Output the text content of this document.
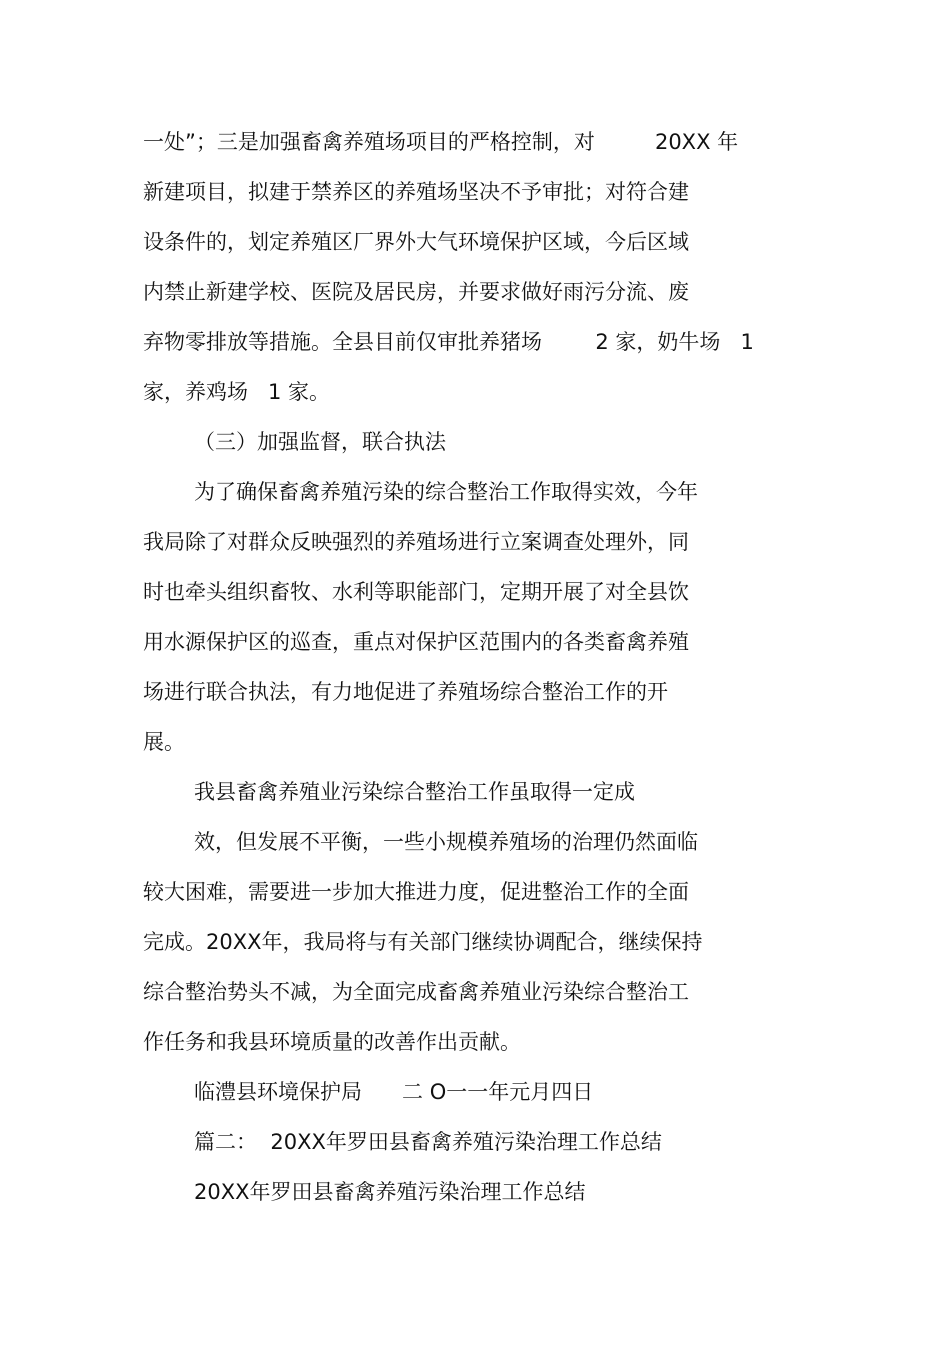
一处”；三是加强畜禽养殖场项目的严格控制，对         20XX 年
新建项目，拟建于禁养区的养殖场坚决不予审批；对符合建
设条件的，划定养殖区厂界外大气环境保护区域，今后区域
内禁止新建学校、医院及居民房，并要求做好雨污分流、废
弃物零排放等措施。全县目前仅审批养猪场        2 家，奶牛场   1
家，养鸡场   1 家。
（三）加强监督，联合执法
为了确保畜禽养殖污染的综合整治工作取得实效，今年
我局除了对群众反映强烈的养殖场进行立案调查处理外，同
时也牵头组织畜牧、水利等职能部门，定期开展了对全县饮
用水源保护区的巡查，重点对保护区范围内的各类畜禽养殖
场进行联合执法，有力地促进了养殖场综合整治工作的开
展。
我县畜禽养殖业污染综合整治工作虽取得一定成
效，但发展不平衡，一些小规模养殖场的治理仍然面临
较大困难，需要进一步加大推进力度，促进整治工作的全面
完成。20XX年，我局将与有关部门继续协调配合，继续保持
综合整治势头不减，为全面完成畜禽养殖业污染综合整治工
作任务和我县环境质量的改善作出贡献。
临澧县环境保护局      二 O一一年元月四日
篇二：  20XX年罗田县畜禽养殖污染治理工作总结
20XX年罗田县畜禽养殖污染治理工作总结
